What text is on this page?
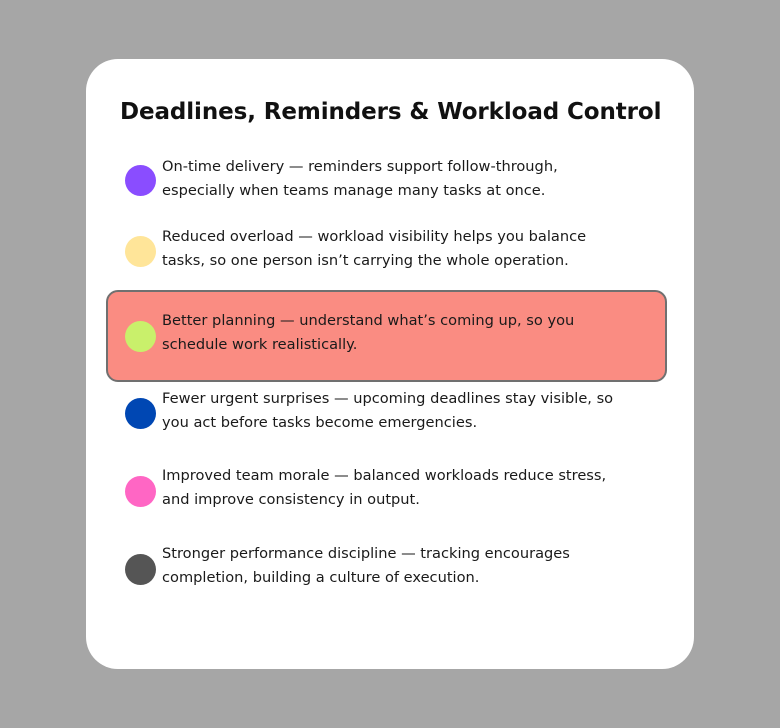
Deadlines, Reminders & Workload Control

On-time delivery — reminders support follow-through, especially when teams manage many tasks at once.

Reduced overload — workload visibility helps you balance tasks, so one person isn’t carrying the whole operation.

Better planning — understand what’s coming up, so you schedule work realistically.

Fewer urgent surprises — upcoming deadlines stay visible, so you act before tasks become emergencies.

Improved team morale — balanced workloads reduce stress, and improve consistency in output.

Stronger performance discipline — tracking encourages completion, building a culture of execution.
